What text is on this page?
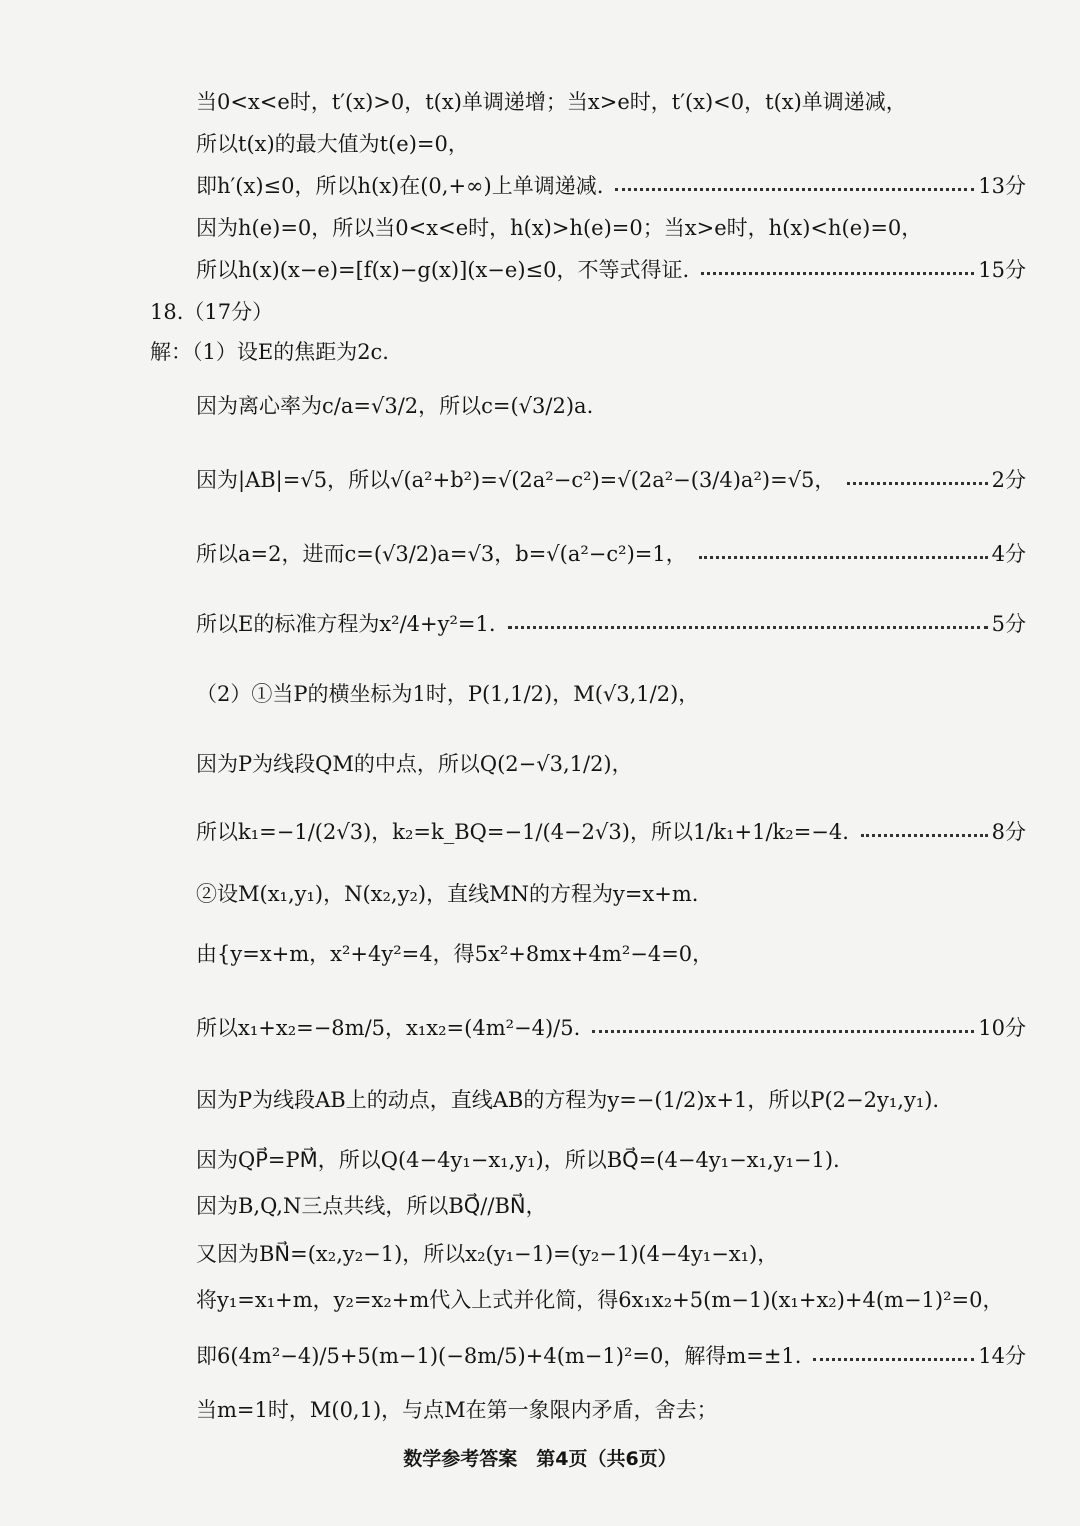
当0<x<e时，t′(x)>0，t(x)单调递增；当x>e时，t′(x)<0，t(x)单调递减，
所以t(x)的最大值为t(e)=0，
即h′(x)≤0，所以h(x)在(0,+∞)上单调递减.	13分
因为h(e)=0，所以当0<x<e时，h(x)>h(e)=0；当x>e时，h(x)<h(e)=0，
所以h(x)(x−e)=[f(x)−g(x)](x−e)≤0，不等式得证.	15分
18.（17分）
解：（1）设E的焦距为2c.
因为离心率为c/a=√3/2，所以c=(√3/2)a.
因为|AB|=√5，所以√(a²+b²)=√(2a²−c²)=√(2a²−(3/4)a²)=√5，	2分
所以a=2，进而c=(√3/2)a=√3，b=√(a²−c²)=1，	4分
所以E的标准方程为x²/4+y²=1.	5分
（2）①当P的横坐标为1时，P(1,1/2)，M(√3,1/2)，
因为P为线段QM的中点，所以Q(2−√3,1/2)，
所以k₁=−1/(2√3)，k₂=k_BQ=−1/(4−2√3)，所以1/k₁+1/k₂=−4.	8分
②设M(x₁,y₁)，N(x₂,y₂)，直线MN的方程为y=x+m.
由{y=x+m，x²+4y²=4，得5x²+8mx+4m²−4=0，
所以x₁+x₂=−8m/5，x₁x₂=(4m²−4)/5.	10分
因为P为线段AB上的动点，直线AB的方程为y=−(1/2)x+1，所以P(2−2y₁,y₁).
因为QP⃗=PM⃗，所以Q(4−4y₁−x₁,y₁)，所以BQ⃗=(4−4y₁−x₁,y₁−1).
因为B,Q,N三点共线，所以BQ⃗//BN⃗，
又因为BN⃗=(x₂,y₂−1)，所以x₂(y₁−1)=(y₂−1)(4−4y₁−x₁)，
将y₁=x₁+m，y₂=x₂+m代入上式并化简，得6x₁x₂+5(m−1)(x₁+x₂)+4(m−1)²=0，
即6(4m²−4)/5+5(m−1)(−8m/5)+4(m−1)²=0，解得m=±1.	14分
当m=1时，M(0,1)，与点M在第一象限内矛盾，舍去；
数学参考答案　第4页（共6页）
